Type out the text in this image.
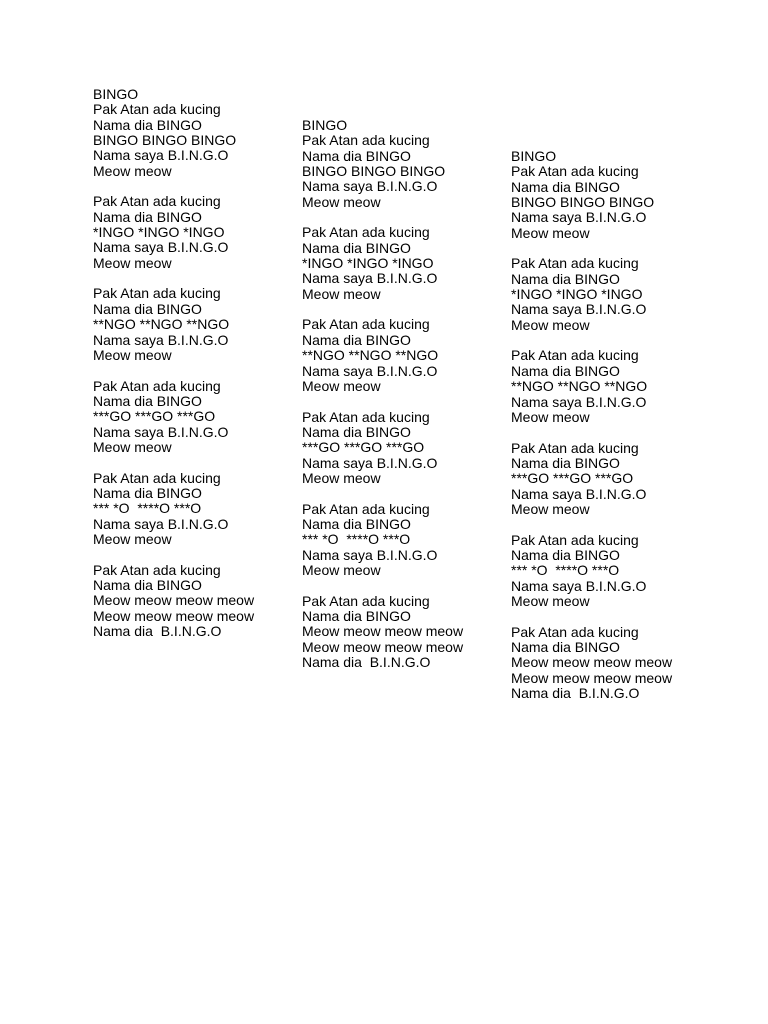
BINGO
Pak Atan ada kucing
Nama dia BINGO
BINGO BINGO BINGO
Nama saya B.I.N.G.O
Meow meow
Pak Atan ada kucing
Nama dia BINGO
*INGO *INGO *INGO
Nama saya B.I.N.G.O
Meow meow
Pak Atan ada kucing
Nama dia BINGO
**NGO **NGO **NGO
Nama saya B.I.N.G.O
Meow meow
Pak Atan ada kucing
Nama dia BINGO
***GO ***GO ***GO
Nama saya B.I.N.G.O
Meow meow
Pak Atan ada kucing
Nama dia BINGO
*** *O  ****O ***O
Nama saya B.I.N.G.O
Meow meow
Pak Atan ada kucing
Nama dia BINGO
Meow meow meow meow
Meow meow meow meow
Nama dia  B.I.N.G.O
BINGO
Pak Atan ada kucing
Nama dia BINGO
BINGO BINGO BINGO
Nama saya B.I.N.G.O
Meow meow
Pak Atan ada kucing
Nama dia BINGO
*INGO *INGO *INGO
Nama saya B.I.N.G.O
Meow meow
Pak Atan ada kucing
Nama dia BINGO
**NGO **NGO **NGO
Nama saya B.I.N.G.O
Meow meow
Pak Atan ada kucing
Nama dia BINGO
***GO ***GO ***GO
Nama saya B.I.N.G.O
Meow meow
Pak Atan ada kucing
Nama dia BINGO
*** *O  ****O ***O
Nama saya B.I.N.G.O
Meow meow
Pak Atan ada kucing
Nama dia BINGO
Meow meow meow meow
Meow meow meow meow
Nama dia  B.I.N.G.O
BINGO
Pak Atan ada kucing
Nama dia BINGO
BINGO BINGO BINGO
Nama saya B.I.N.G.O
Meow meow
Pak Atan ada kucing
Nama dia BINGO
*INGO *INGO *INGO
Nama saya B.I.N.G.O
Meow meow
Pak Atan ada kucing
Nama dia BINGO
**NGO **NGO **NGO
Nama saya B.I.N.G.O
Meow meow
Pak Atan ada kucing
Nama dia BINGO
***GO ***GO ***GO
Nama saya B.I.N.G.O
Meow meow
Pak Atan ada kucing
Nama dia BINGO
*** *O  ****O ***O
Nama saya B.I.N.G.O
Meow meow
Pak Atan ada kucing
Nama dia BINGO
Meow meow meow meow
Meow meow meow meow
Nama dia  B.I.N.G.O
